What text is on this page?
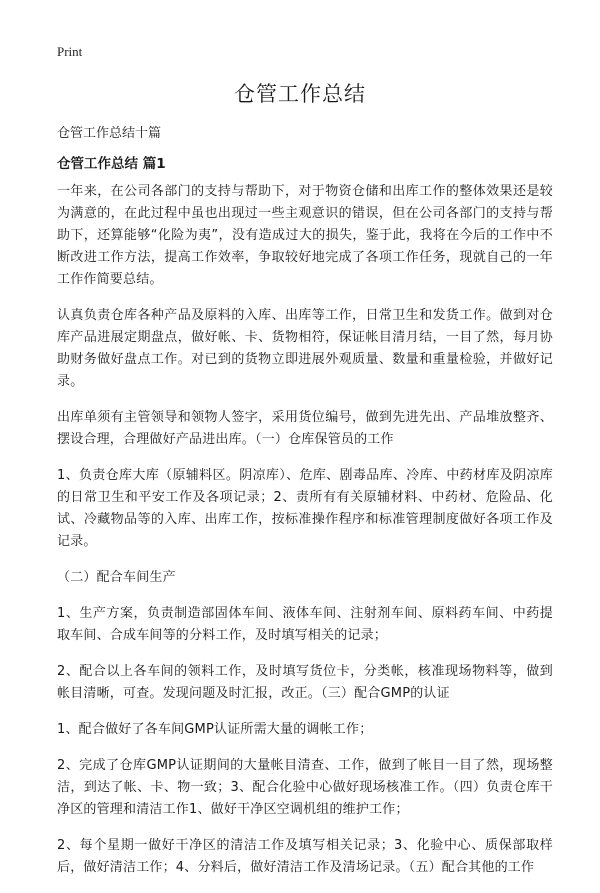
Print
仓管工作总结
仓管工作总结十篇
仓管工作总结 篇1

一年来，在公司各部门的支持与帮助下，对于物资仓储和出库工作的整体效果还是较为满意的，在此过程中虽也出现过一些主观意识的错误，但在公司各部门的支持与帮助下，还算能够“化险为夷”，没有造成过大的损失，鉴于此，我将在今后的工作中不断改进工作方法，提高工作效率，争取较好地完成了各项工作任务，现就自己的一年工作作简要总结。

认真负责仓库各种产品及原料的入库、出库等工作，日常卫生和发货工作。做到对仓库产品进展定期盘点，做好帐、卡、货物相符，保证帐目清月结，一目了然，每月协助财务做好盘点工作。对已到的货物立即进展外观质量、数量和重量检验，并做好记录。

出库单须有主管领导和领物人签字，采用货位编号，做到先进先出、产品堆放整齐、摆设合理，合理做好产品进出库。（一）仓库保管员的工作

1、负责仓库大库（原辅料区。阴凉库）、危库、剧毒品库、冷库、中药材库及阴凉库的日常卫生和平安工作及各项记录；2、责所有有关原辅材料、中药材、危险品、化试、冷藏物品等的入库、出库工作，按标准操作程序和标准管理制度做好各项工作及记录。

（二）配合车间生产

1、生产方案，负责制造部固体车间、液体车间、注射剂车间、原料药车间、中药提取车间、合成车间等的分料工作，及时填写相关的记录；

2、配合以上各车间的领料工作，及时填写货位卡，分类帐，核准现场物料等，做到帐目清晰，可查。发现问题及时汇报，改正。（三）配合GMP的认证

1、配合做好了各车间GMP认证所需大量的调帐工作；

2、完成了仓库GMP认证期间的大量帐目清查、工作，做到了帐目一目了然，现场整洁，到达了帐、卡、物一致；3、配合化验中心做好现场核准工作。（四）负责仓库干净区的管理和清洁工作1、做好干净区空调机组的维护工作；

2、每个星期一做好干净区的清洁工作及填写相关记录；3、化验中心、质保部取样后，做好清洁工作；4、分料后，做好清洁工作及清场记录。（五）配合其他的工作
